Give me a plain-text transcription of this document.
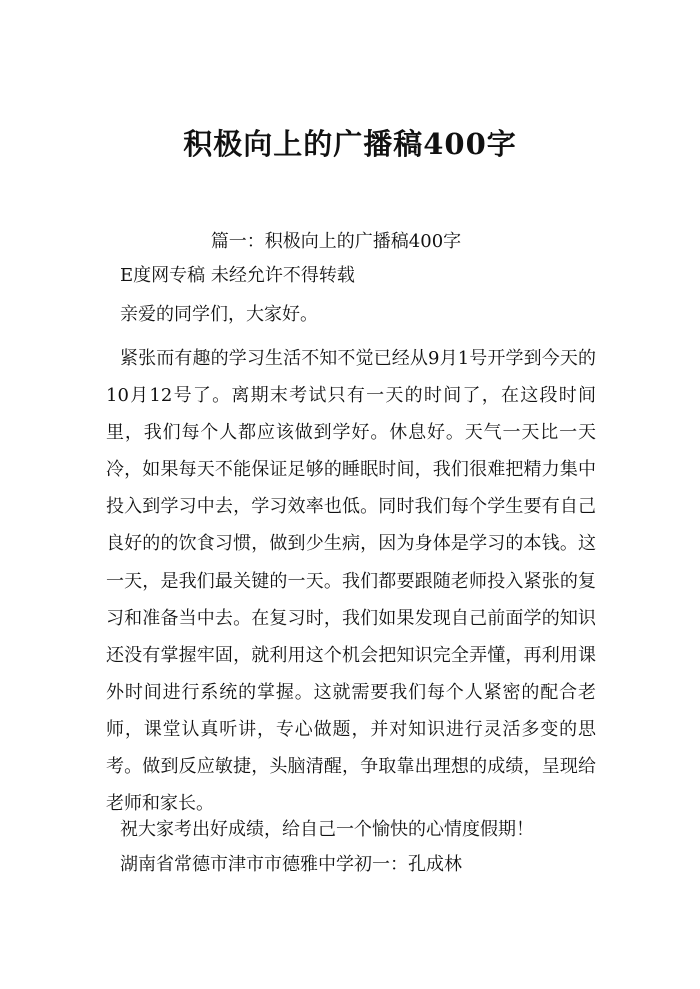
积极向上的广播稿400字

篇一：积极向上的广播稿400字

E度网专稿 未经允许不得转载

亲爱的同学们，大家好。

紧张而有趣的学习生活不知不觉已经从9月1号开学到今天的10月12号了。离期末考试只有一天的时间了，在这段时间里，我们每个人都应该做到学好。休息好。天气一天比一天冷，如果每天不能保证足够的睡眠时间，我们很难把精力集中投入到学习中去，学习效率也低。同时我们每个学生要有自己良好的的饮食习惯，做到少生病，因为身体是学习的本钱。这一天，是我们最关键的一天。我们都要跟随老师投入紧张的复习和准备当中去。在复习时，我们如果发现自己前面学的知识还没有掌握牢固，就利用这个机会把知识完全弄懂，再利用课外时间进行系统的掌握。这就需要我们每个人紧密的配合老师，课堂认真听讲，专心做题，并对知识进行灵活多变的思考。做到反应敏捷，头脑清醒，争取靠出理想的成绩，呈现给老师和家长。

祝大家考出好成绩，给自己一个愉快的心情度假期！

湖南省常德市津市市德雅中学初一：孔成林
